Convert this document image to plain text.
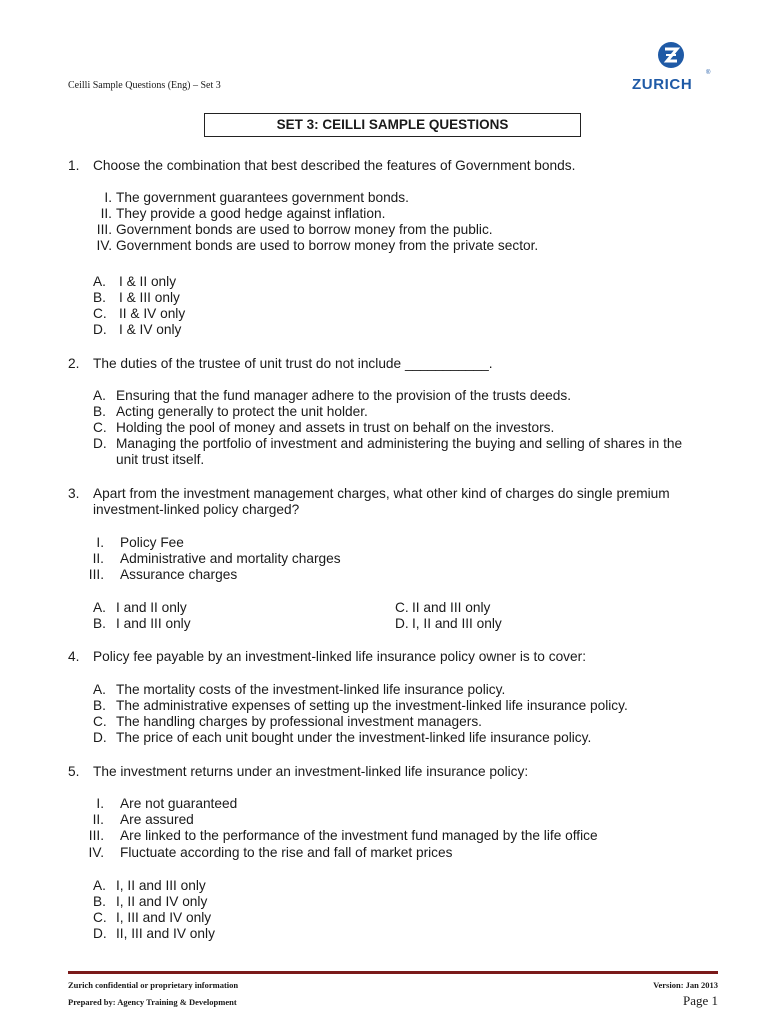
Ceilli Sample Questions (Eng) – Set 3	ZURICH
®
SET 3: CEILLI SAMPLE QUESTIONS
1. Choose the combination that best described the features of Government bonds.
I. The government guarantees government bonds.
II. They provide a good hedge against inflation.
III. Government bonds are used to borrow money from the public.
IV. Government bonds are used to borrow money from the private sector.
A. I & II only
B. I & III only
C. II & IV only
D. I & IV only
2. The duties of the trustee of unit trust do not include ___________.
A. Ensuring that the fund manager adhere to the provision of the trusts deeds.
B. Acting generally to protect the unit holder.
C. Holding the pool of money and assets in trust on behalf on the investors.
D. Managing the portfolio of investment and administering the buying and selling of shares in the
unit trust itself.
3. Apart from the investment management charges, what other kind of charges do single premium
investment-linked policy charged?
I. Policy Fee
II. Administrative and mortality charges
III. Assurance charges
A. I and II only
B. I and III only
C. II and III only
D. I, II and III only
4. Policy fee payable by an investment-linked life insurance policy owner is to cover:
A. The mortality costs of the investment-linked life insurance policy.
B. The administrative expenses of setting up the investment-linked life insurance policy.
C. The handling charges by professional investment managers.
D. The price of each unit bought under the investment-linked life insurance policy.
5. The investment returns under an investment-linked life insurance policy:
I. Are not guaranteed
II. Are assured
III. Are linked to the performance of the investment fund managed by the life office
IV. Fluctuate according to the rise and fall of market prices
A. I, II and III only
B. I, II and IV only
C. I, III and IV only
D. II, III and IV only
Zurich confidential or proprietary information
Prepared by: Agency Training & Development
Version: Jan 2013
Page 1
